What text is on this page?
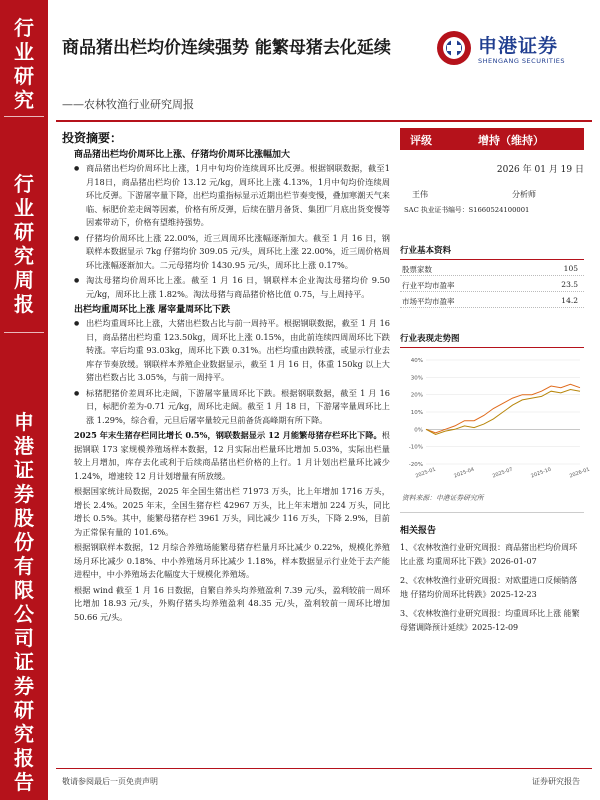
行
业
研
究
行
业
研
究
周
报
申
港
证
券
股
份
有
限
公
司
证
券
研
究
报
告
商品猪出栏均价连续强势 能繁母猪去化延续
——农林牧渔行业研究周报
申港证券
SHENGANG SECURITIES
投资摘要：
商品猪出栏均价周环比上涨、仔猪均价周环比涨幅加大
● 商品猪出栏均价周环比上涨，1月中旬均价连续周环比反弹。根据钢联数据，截至1月18日，商品猪出栏均价 13.12 元/kg，周环比上涨 4.13%，1月中旬均价连续周环比反弹。下游屠宰量下降，出栏均重指标显示近期出栏节奏变慢，叠加寒潮天气来临、标肥价差走阔等因素，价格有所反弹，后续在腊月备货、集团厂月底出货变慢等因素带动下，价格有望维持强势。
● 仔猪均价周环比上涨 22.00%，近三周周环比涨幅逐渐加大。截至 1 月 16 日，钢联样本数据显示 7kg 仔猪均价 309.05 元/头，周环比上涨 22.00%，近三周价格周环比涨幅逐渐加大。二元母猪均价 1430.95 元/头，周环比上涨 0.17%。
● 淘汰母猪均价周环比上涨。截至 1 月 16 日，钢联样本企业淘汰母猪均价 9.50 元/kg，周环比上涨 1.82%。淘汰母猪与商品猪价格比值 0.75，与上周持平。
出栏均重周环比上涨 屠宰量周环比下跌
● 出栏均重周环比上涨，大猪出栏数占比与前一周持平。根据钢联数据，截至 1 月 16 日，商品猪出栏均重 123.50kg，周环比上涨 0.15%，由此前连续四周周环比下跌转涨。宰后均重 93.03kg，周环比下跌 0.31%。出栏均重由跌转涨，或显示行业去库存节奏放缓。钢联样本养殖企业数据显示，截至 1 月 16 日，体重 150kg 以上大猪出栏数占比 3.05%，与前一周持平。
● 标猪肥猪价差周环比走阔，下游屠宰量周环比下跌。根据钢联数据，截至 1 月 16 日，标肥价差为-0.71 元/kg，周环比走阔。截至 1 月 18 日，下游屠宰量周环比上涨 1.29%，综合看，元旦后屠宰量较元旦前备货高峰期有所下降。
2025 年末生猪存栏同比增长 0.5%，钢联数据显示 12 月能繁母猪存栏环比下降。根据钢联 173 家规模养殖场样本数据，12 月实际出栏量环比增加 5.03%，实际出栏量较上月增加，库存去化或利于后续商品猪出栏价格的上行。1 月计划出栏量环比减少 1.24%，增速较 12 月计划增量有所放缓。
根据国家统计局数据，2025 年全国生猪出栏 71973 万头，比上年增加 1716 万头，增长 2.4%。2025 年末，全国生猪存栏 42967 万头，比上年末增加 224 万头，同比增长 0.5%。其中，能繁母猪存栏 3961 万头，同比减少 116 万头，下降 2.9%，目前为正常保有量的 101.6%。
根据钢联样本数据，12 月综合养殖场能繁母猪存栏量月环比减少 0.22%，规模化养殖场月环比减少 0.18%、中小养殖场月环比减少 1.18%，样本数据显示行业处于去产能进程中，中小养殖场去化幅度大于规模化养殖场。
根据 wind 截至 1 月 16 日数据，自繁自养头均养殖盈利 7.39 元/头，盈利较前一周环比增加 18.93 元/头，外购仔猪头均养殖盈利 48.35 元/头，盈利较前一周环比增加 50.66 元/头。
评级	增持（维持）
2026 年 01 月 19 日
王伟	分析师
SAC 执业证书编号：S1660524100001
行业基本资料
股票家数	105
行业平均市盈率	23.5
市场平均市盈率	14.2
行业表现走势图
40%
30%
20%
10%
0%
-10%
-20%
2025-01	2025-04	2025-07	2025-10	2026-01
资料来源：申港证券研究所
相关报告
1、《农林牧渔行业研究周报：商品猪出栏均价周环比止涨 均重周环比下跌》2026-01-07
2、《农林牧渔行业研究周报：对欧盟进口反倾销落地 仔猪均价周环比转跌》2025-12-23
3、《农林牧渔行业研究周报：均重周环比上涨 能繁母猪调降预计延续》2025-12-09
敬请参阅最后一页免责声明	证券研究报告
